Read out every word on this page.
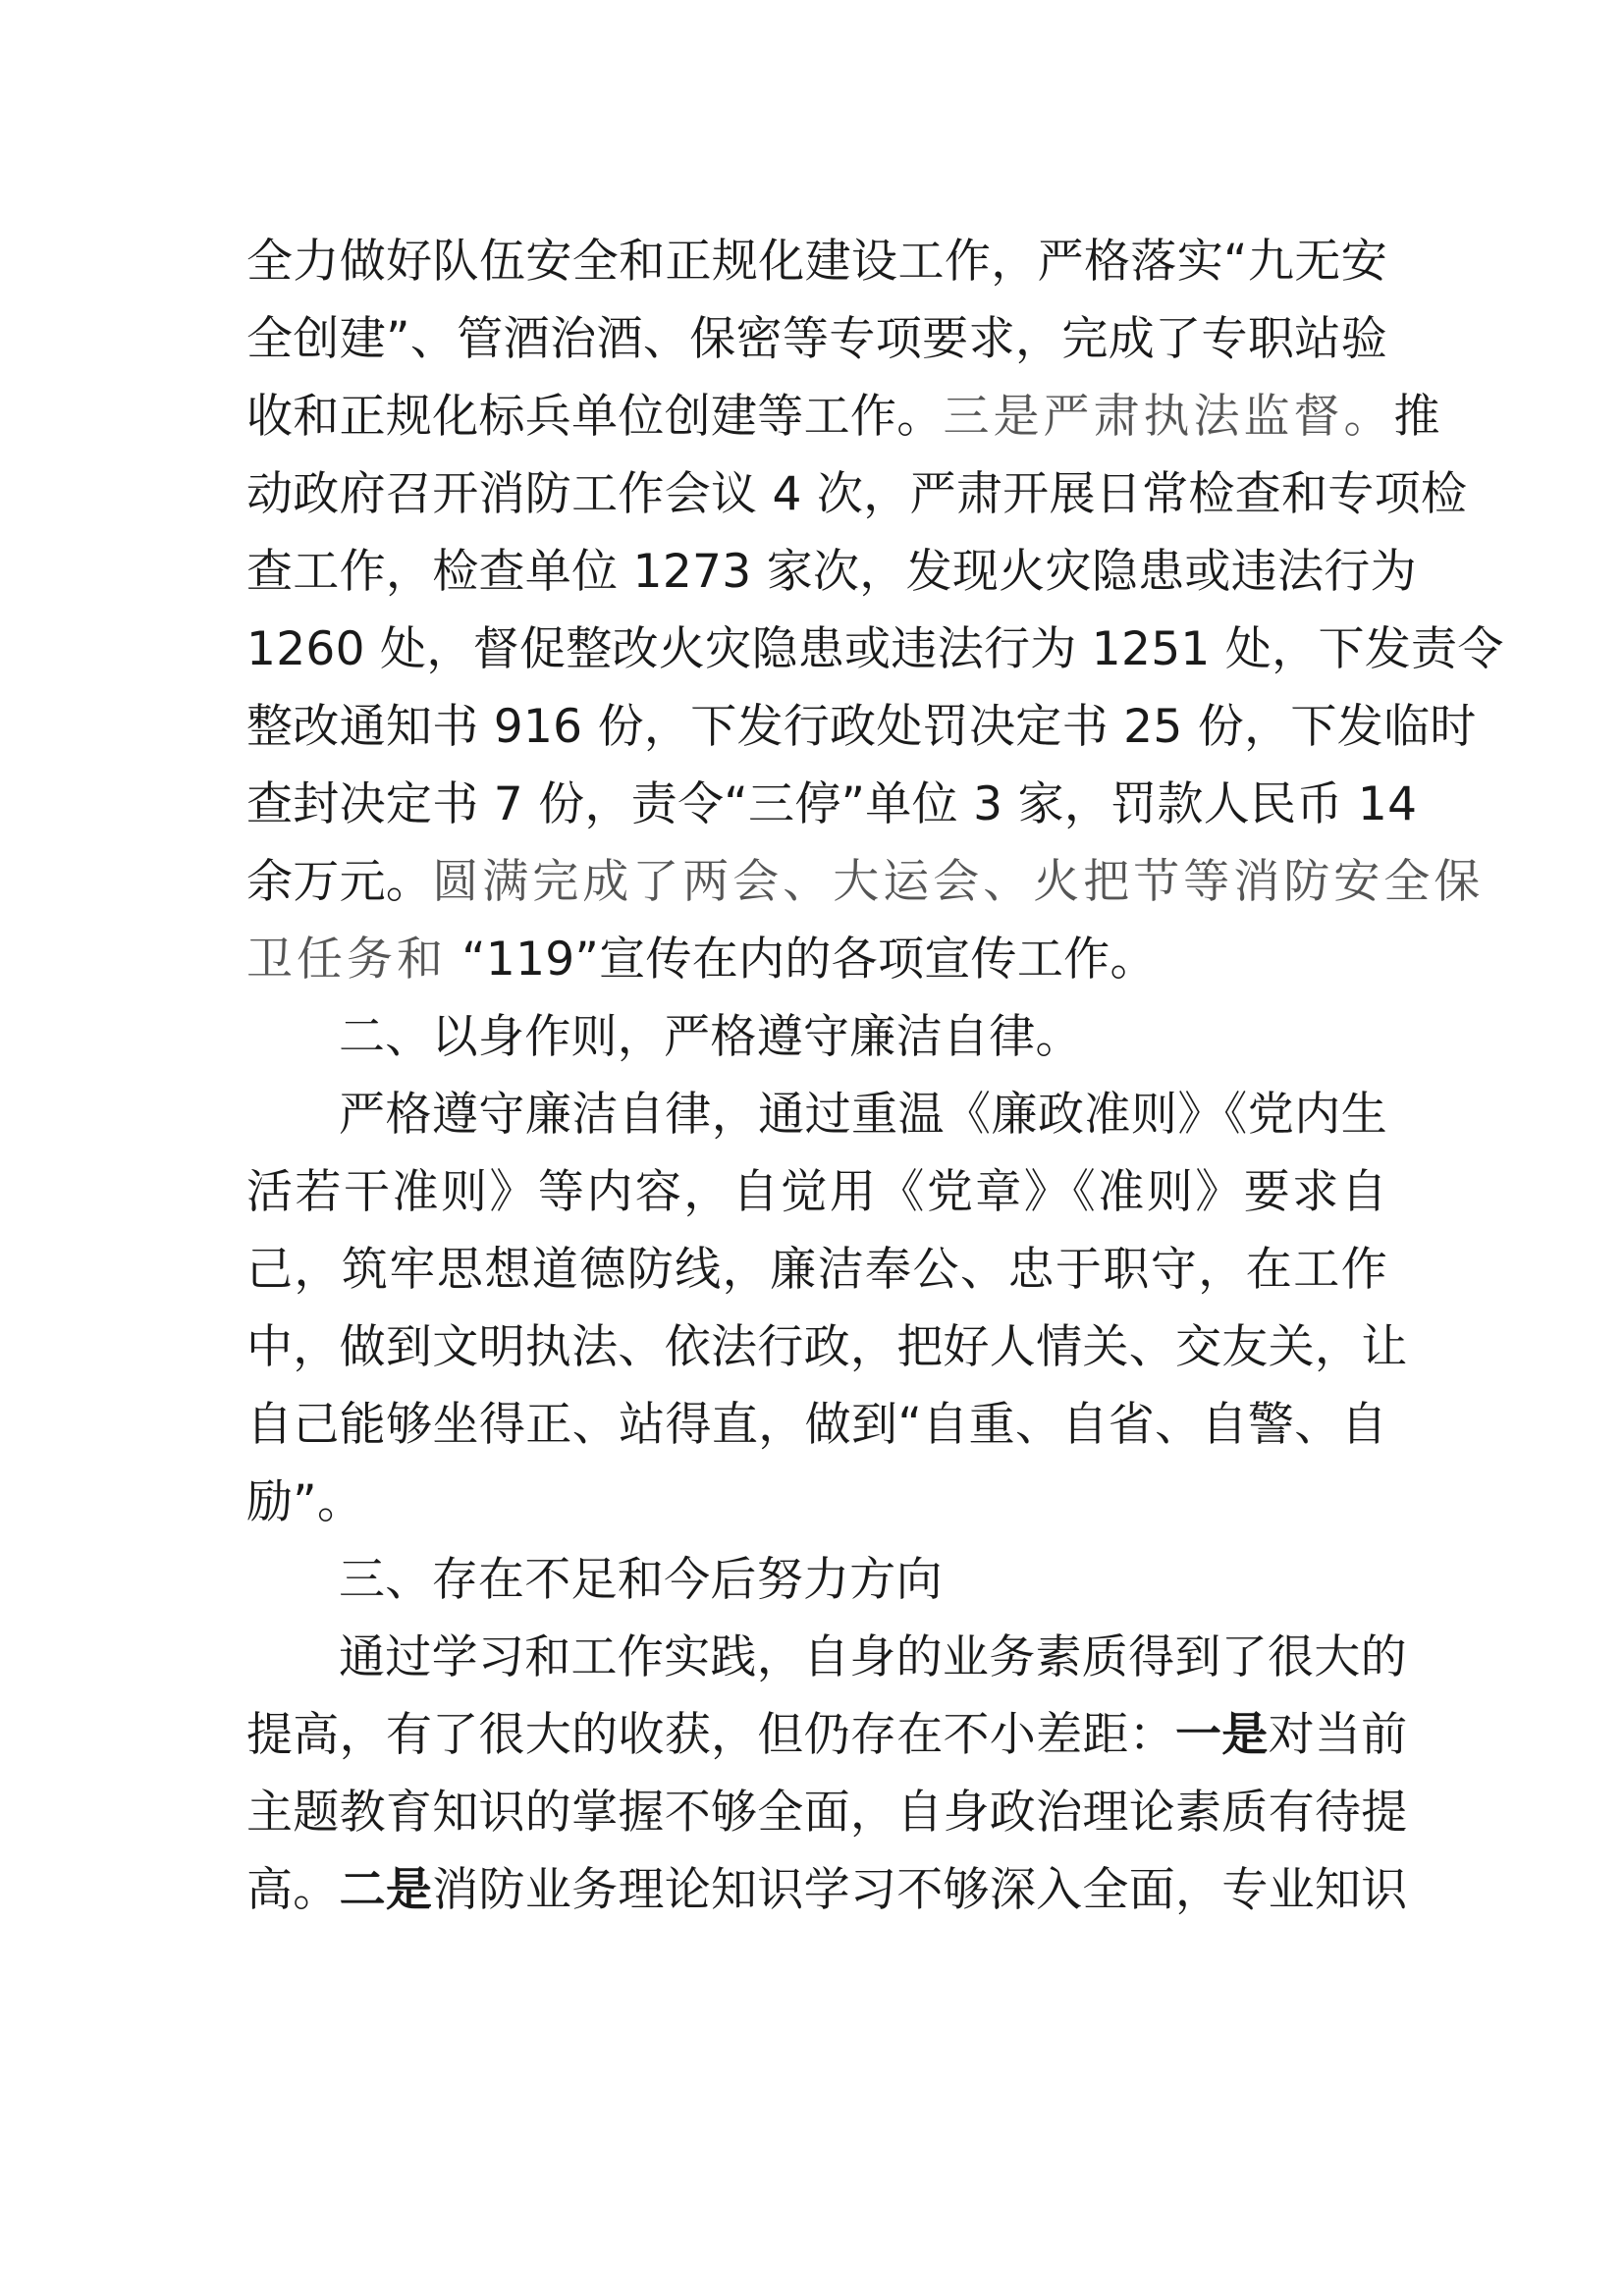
全力做好队伍安全和正规化建设工作，严格落实“九无安
全创建”、管酒治酒、保密等专项要求，完成了专职站验
收和正规化标兵单位创建等工作。三是严肃执法监督。推
动政府召开消防工作会议 4 次，严肃开展日常检查和专项检
查工作，检查单位 1273 家次，发现火灾隐患或违法行为
1260 处，督促整改火灾隐患或违法行为 1251 处，下发责令
整改通知书 916 份，下发行政处罚决定书 25 份，下发临时
查封决定书 7 份，责令“三停”单位 3 家，罚款人民币 14
余万元。圆满完成了两会、大运会、火把节等消防安全保
卫任务和 “119”宣传在内的各项宣传工作。
二、以身作则，严格遵守廉洁自律。
严格遵守廉洁自律，通过重温《廉政准则》《党内生
活若干准则》等内容，自觉用《党章》《准则》要求自
己，筑牢思想道德防线，廉洁奉公、忠于职守，在工作
中，做到文明执法、依法行政，把好人情关、交友关，让
自己能够坐得正、站得直，做到“自重、自省、自警、自
励”。
三、存在不足和今后努力方向
通过学习和工作实践，自身的业务素质得到了很大的
提高，有了很大的收获，但仍存在不小差距：一是对当前
主题教育知识的掌握不够全面，自身政治理论素质有待提
高。二是消防业务理论知识学习不够深入全面，专业知识
